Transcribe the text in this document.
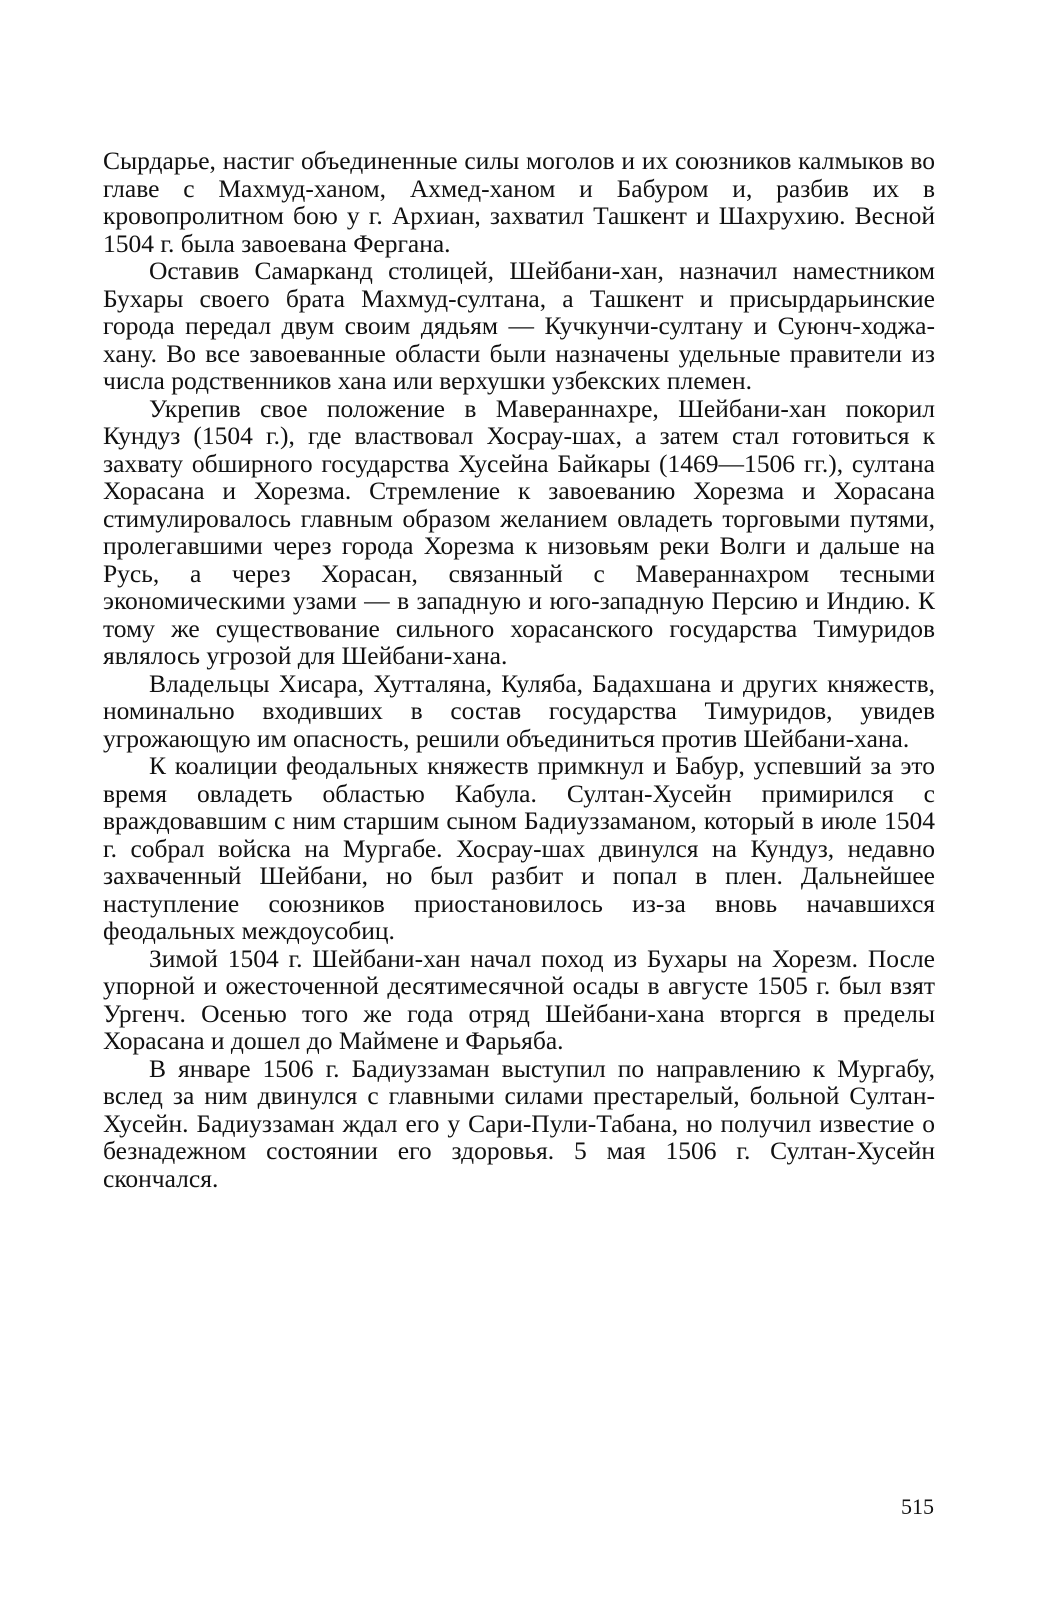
Сырдарье, настиг объединенные силы моголов и их союзников калмыков во главе с Махмуд-ханом, Ахмед-ханом и Бабуром и, разбив их в кровопролитном бою у г. Архиан, захватил Ташкент и Шахрухию. Весной 1504 г. была завоевана Фергана.

Оставив Самарканд столицей, Шейбани-хан, назначил наместником Бухары своего брата Махмуд-султана, а Ташкент и присырдарьинские города передал двум своим дядьям — Кучкунчи-султану и Суюнч-ходжа-хану. Во все завоеванные области были назначены удельные правители из числа родственников хана или верхушки узбекских племен.

Укрепив свое положение в Мавераннахре, Шейбани-хан покорил Кундуз (1504 г.), где властвовал Хосрау-шах, а затем стал готовиться к захвату обширного государства Хусейна Байкары (1469—1506 гг.), султана Хорасана и Хорезма. Стремление к завоеванию Хорезма и Хорасана стимулировалось главным образом желанием овладеть торговыми путями, пролегавшими через города Хорезма к низовьям реки Волги и дальше на Русь, а через Хорасан, связанный с Мавераннахром тесными экономическими узами — в западную и юго-западную Персию и Индию. К тому же существование сильного хорасанского государства Тимуридов являлось угрозой для Шейбани-хана.

Владельцы Хисара, Хутталяна, Куляба, Бадахшана и других княжеств, номинально входивших в состав государства Тимуридов, увидев угрожающую им опасность, решили объединиться против Шейбани-хана.

К коалиции феодальных княжеств примкнул и Бабур, успевший за это время овладеть областью Кабула. Султан-Хусейн примирился с враждовавшим с ним старшим сыном Бадиуззаманом, который в июле 1504 г. собрал войска на Мургабе. Хосрау-шах двинулся на Кундуз, недавно захваченный Шейбани, но был разбит и попал в плен. Дальнейшее наступление союзников приостановилось из-за вновь начавшихся феодальных междоусобиц.

Зимой 1504 г. Шейбани-хан начал поход из Бухары на Хорезм. После упорной и ожесточенной десятимесячной осады в августе 1505 г. был взят Ургенч. Осенью того же года отряд Шейбани-хана вторгся в пределы Хорасана и дошел до Маймене и Фарьяба.

В январе 1506 г. Бадиуззаман выступил по направлению к Мургабу, вслед за ним двинулся с главными силами престарелый, больной Султан-Хусейн. Бадиуззаман ждал его у Сари-Пули-Табана, но получил известие о безнадежном состоянии его здоровья. 5 мая 1506 г. Султан-Хусейн скончался.

515
